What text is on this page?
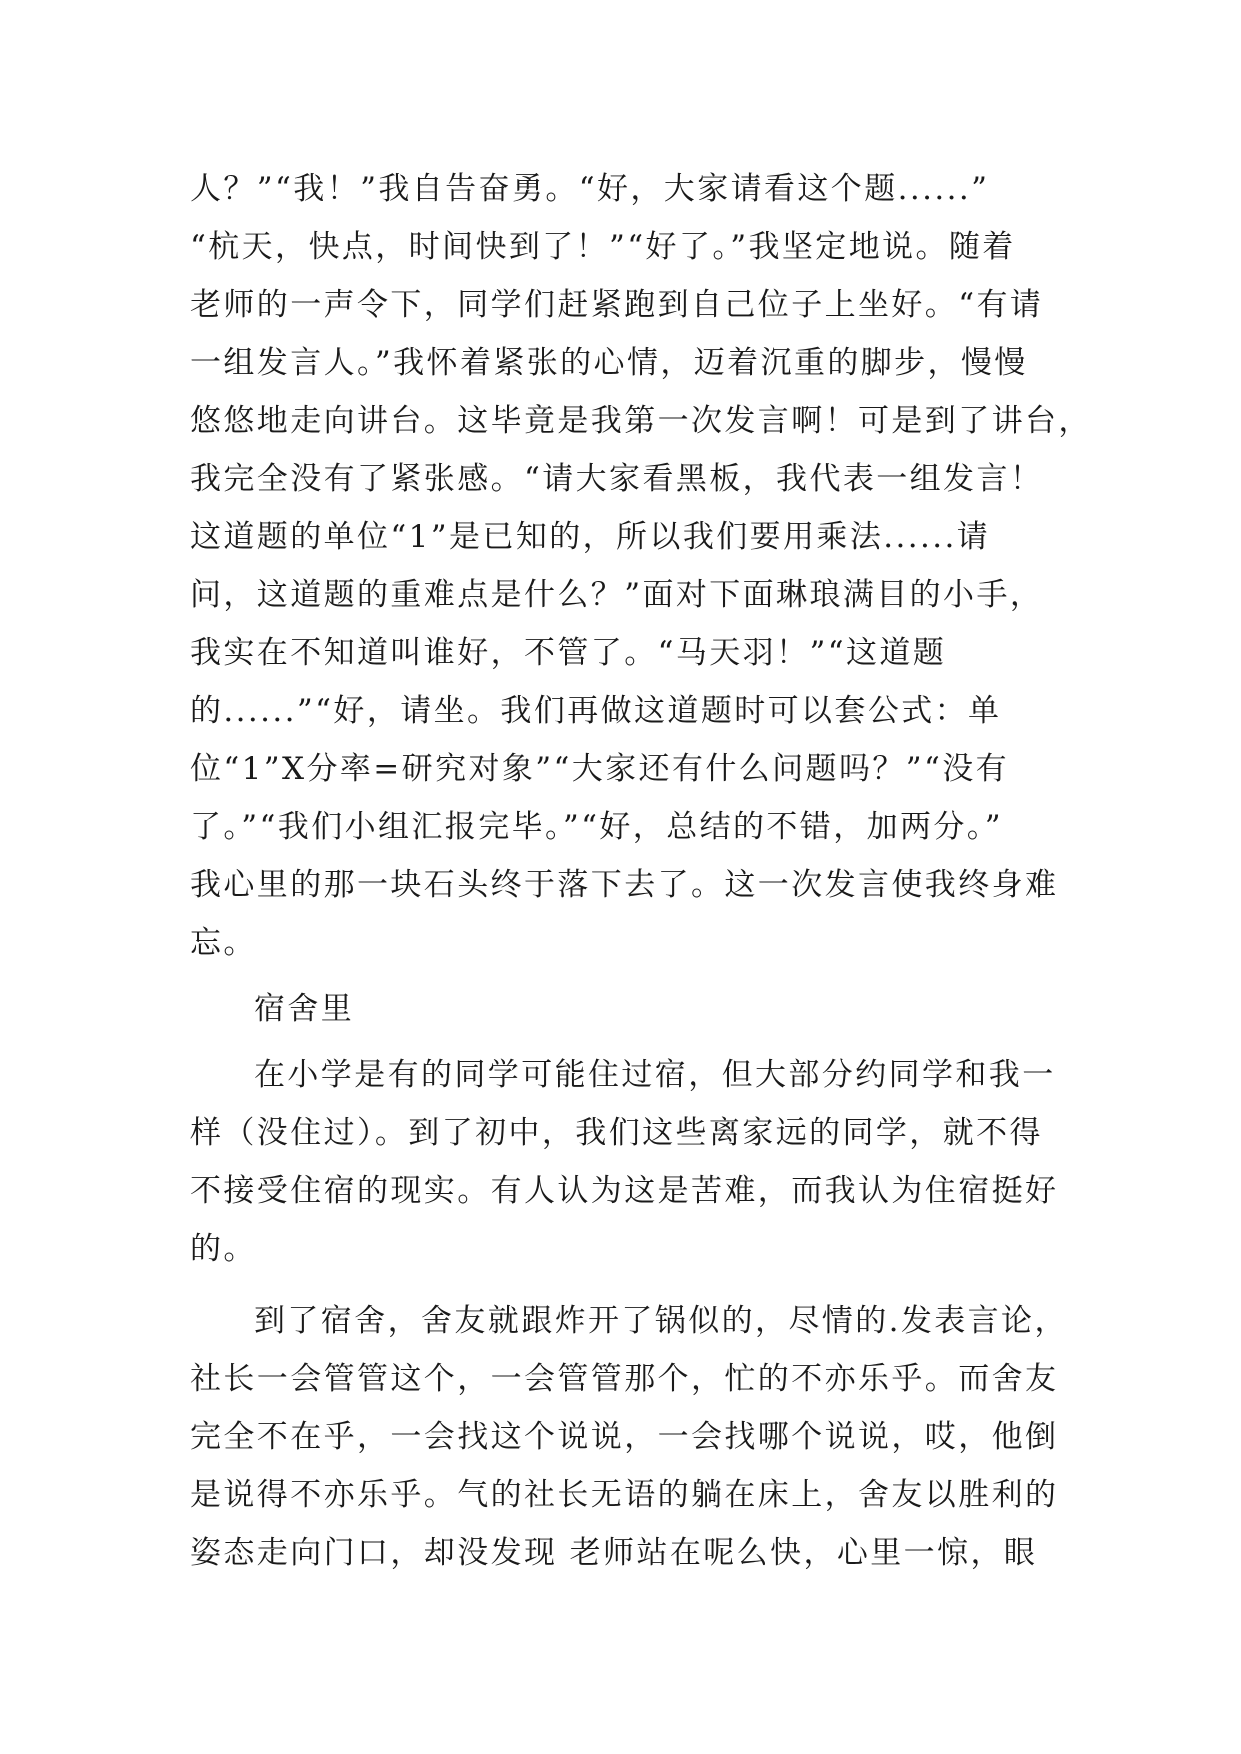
人？”“我！”我自告奋勇。“好，大家请看这个题......”
“杭天，快点，时间快到了！”“好了。”我坚定地说。随着
老师的一声令下，同学们赶紧跑到自己位子上坐好。“有请
一组发言人。”我怀着紧张的心情，迈着沉重的脚步，慢慢
悠悠地走向讲台。这毕竟是我第一次发言啊！可是到了讲台，
我完全没有了紧张感。“请大家看黑板，我代表一组发言！
这道题的单位“1”是已知的，所以我们要用乘法......请
问，这道题的重难点是什么？”面对下面琳琅满目的小手，
我实在不知道叫谁好，不管了。“马天羽！”“这道题
的......”“好，请坐。我们再做这道题时可以套公式：单
位“1”X分率=研究对象”“大家还有什么问题吗？”“没有
了。”“我们小组汇报完毕。”“好，总结的不错，加两分。”
我心里的那一块石头终于落下去了。这一次发言使我终身难
忘。
宿舍里
在小学是有的同学可能住过宿，但大部分约同学和我一
样（没住过）。到了初中，我们这些离家远的同学，就不得
不接受住宿的现实。有人认为这是苦难，而我认为住宿挺好
的。
到了宿舍，舍友就跟炸开了锅似的，尽情的.发表言论，
社长一会管管这个，一会管管那个，忙的不亦乐乎。而舍友
完全不在乎，一会找这个说说，一会找哪个说说，哎，他倒
是说得不亦乐乎。气的社长无语的躺在床上，舍友以胜利的
姿态走向门口，却没发现 老师站在呢么快，心里一惊，眼
